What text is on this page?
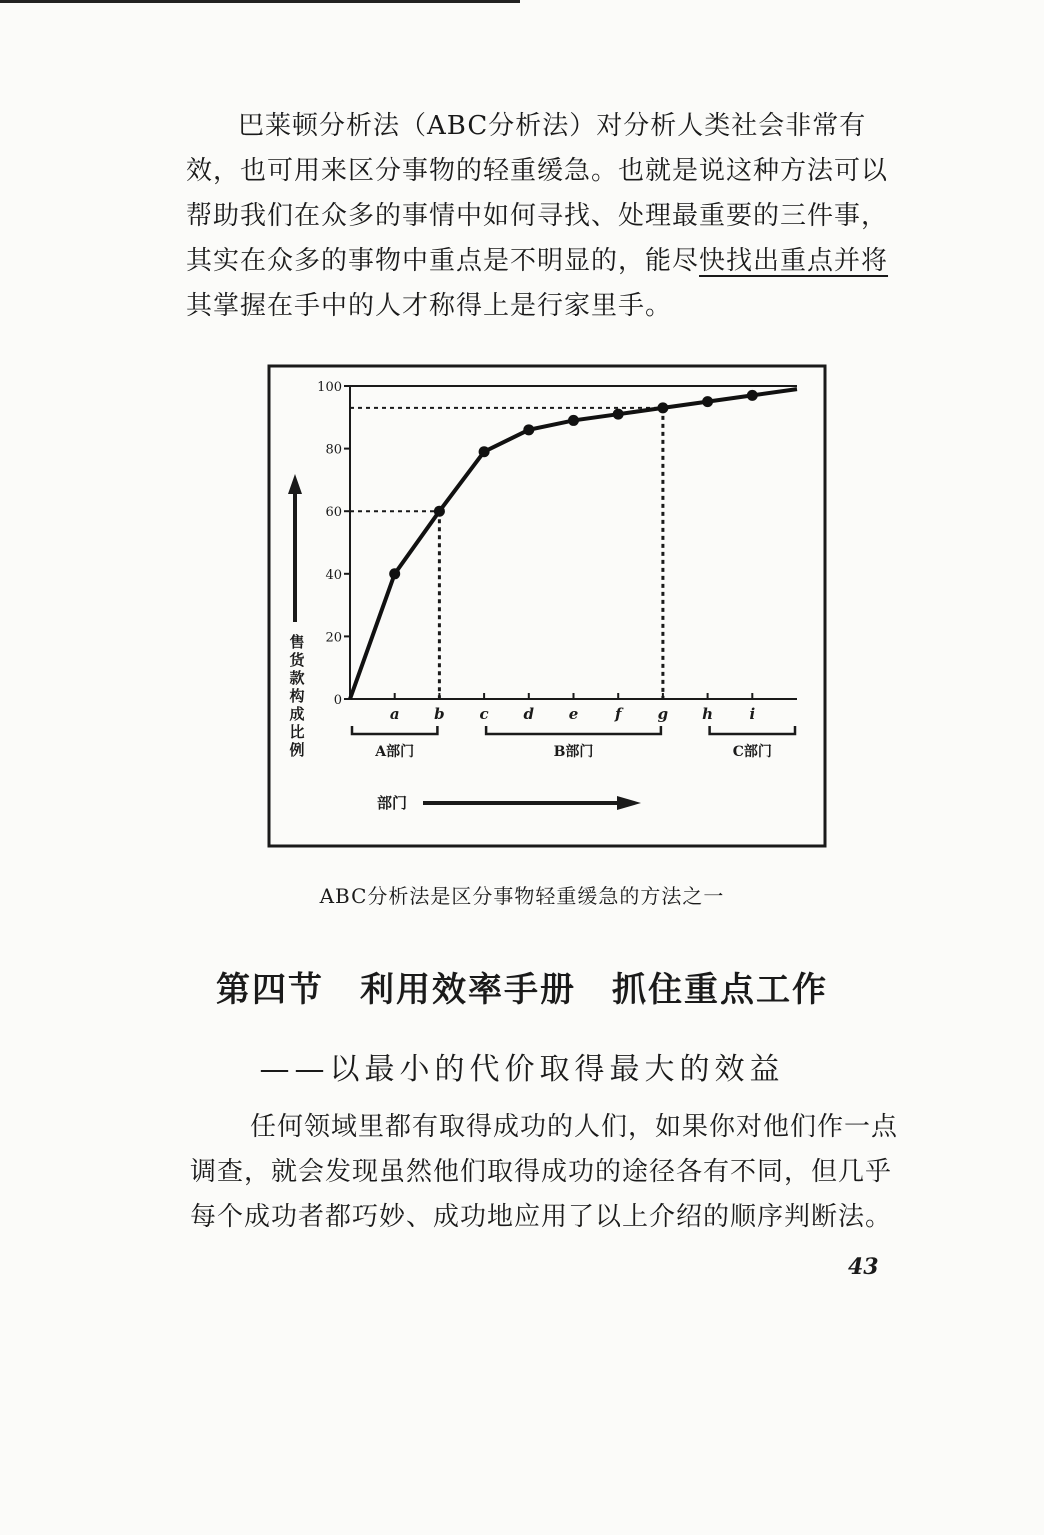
巴莱顿分析法（ABC分析法）对分析人类社会非常有
效，也可用来区分事物的轻重缓急。也就是说这种方法可以
帮助我们在众多的事情中如何寻找、处理最重要的三件事，
其实在众多的事物中重点是不明显的，能尽快找出重点并将
其掌握在手中的人才称得上是行家里手。
0
20
40
60
80
100
a b c d e f g h i
A部门	B部门	C部门
售货款构成比例
部门
ABC分析法是区分事物轻重缓急的方法之一
第四节　利用效率手册　抓住重点工作
——以最小的代价取得最大的效益
任何领域里都有取得成功的人们，如果你对他们作一点
调查，就会发现虽然他们取得成功的途径各有不同，但几乎
每个成功者都巧妙、成功地应用了以上介绍的顺序判断法。
43
